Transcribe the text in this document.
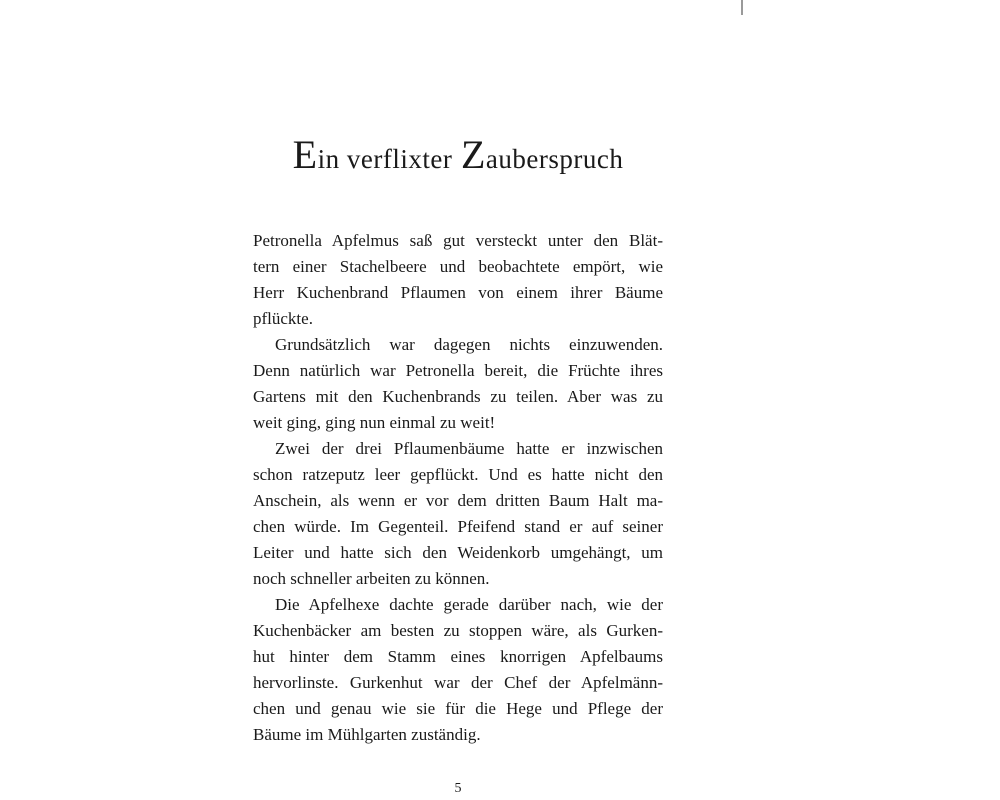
Ein verflixter Zauberspruch
Petronella Apfelmus saß gut versteckt unter den Blät-
tern einer Stachelbeere und beobachtete empört, wie
Herr Kuchenbrand Pflaumen von einem ihrer Bäume
pflückte.
Grundsätzlich war dagegen nichts einzuwenden.
Denn natürlich war Petronella bereit, die Früchte ihres
Gartens mit den Kuchenbrands zu teilen. Aber was zu
weit ging, ging nun einmal zu weit!
Zwei der drei Pflaumenbäume hatte er inzwischen
schon ratzeputz leer gepflückt. Und es hatte nicht den
Anschein, als wenn er vor dem dritten Baum Halt ma-
chen würde. Im Gegenteil. Pfeifend stand er auf seiner
Leiter und hatte sich den Weidenkorb umgehängt, um
noch schneller arbeiten zu können.
Die Apfelhexe dachte gerade darüber nach, wie der
Kuchenbäcker am besten zu stoppen wäre, als Gurken-
hut hinter dem Stamm eines knorrigen Apfelbaums
hervorlinste. Gurkenhut war der Chef der Apfelmänn-
chen und genau wie sie für die Hege und Pflege der
Bäume im Mühlgarten zuständig.
5
